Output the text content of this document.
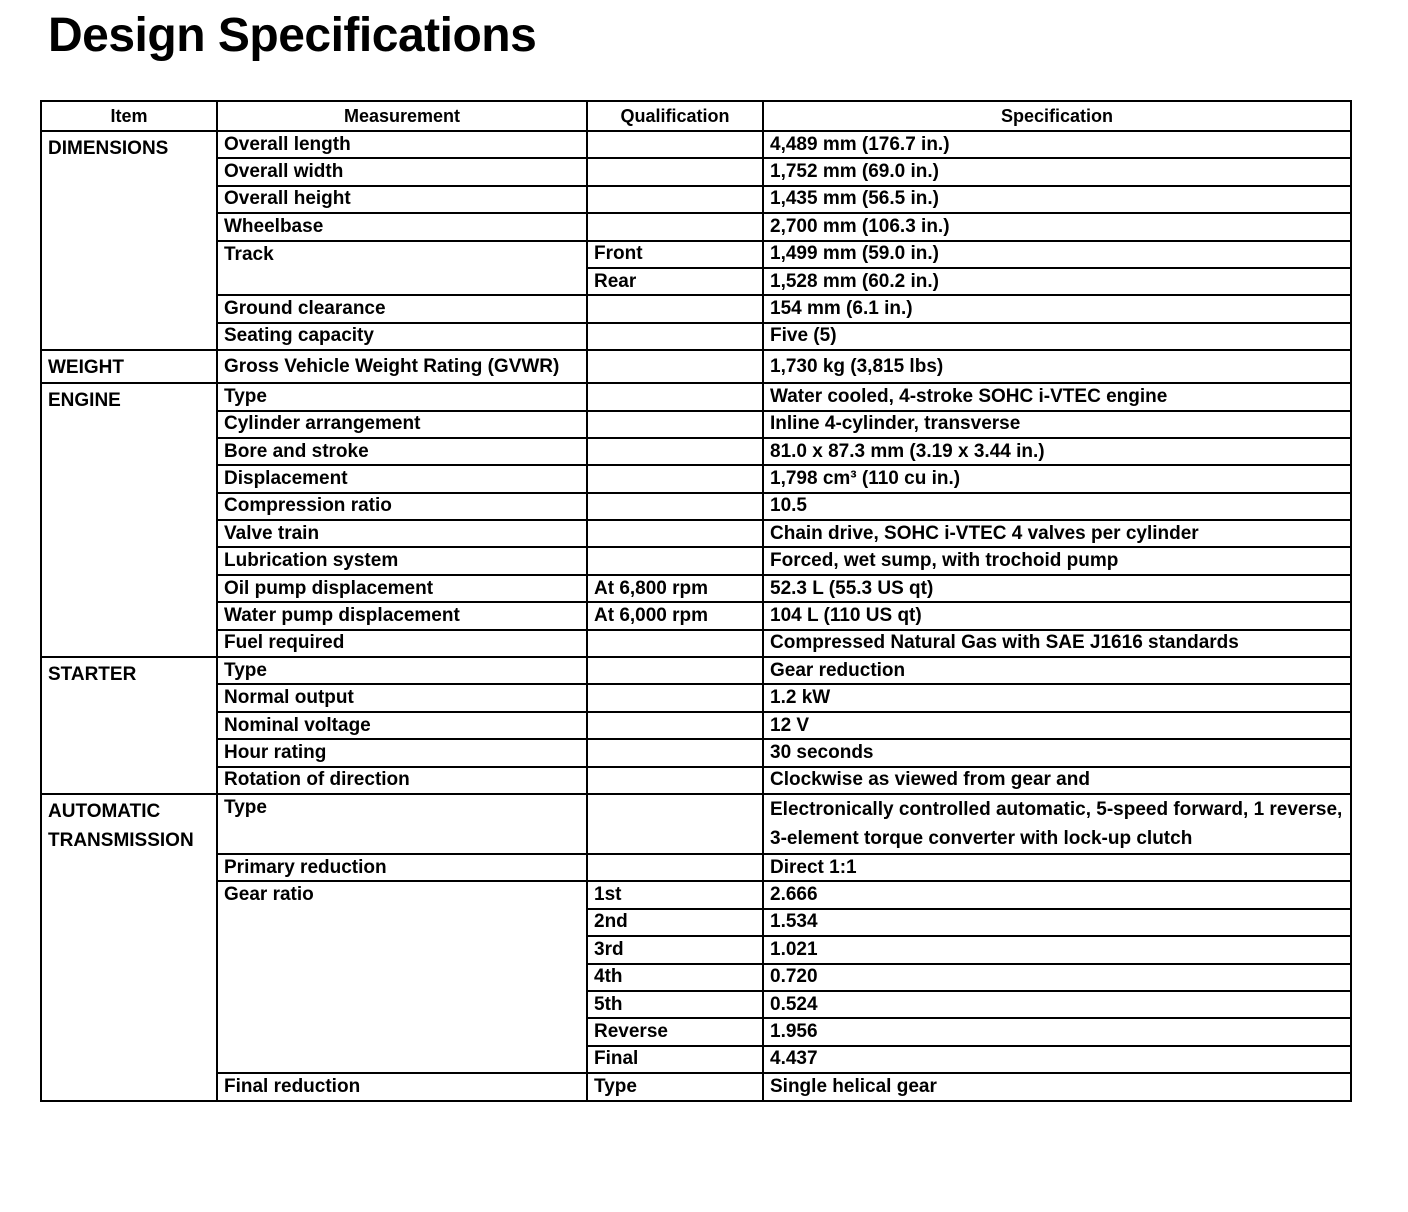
Design Specifications
Item	Measurement	Qualification	Specification
DIMENSIONS	Overall length		4,489 mm (176.7 in.)
	Overall width		1,752 mm (69.0 in.)
	Overall height		1,435 mm (56.5 in.)
	Wheelbase		2,700 mm (106.3 in.)
	Track	Front	1,499 mm (59.0 in.)
		Rear	1,528 mm (60.2 in.)
	Ground clearance		154 mm (6.1 in.)
	Seating capacity		Five (5)
WEIGHT	Gross Vehicle Weight Rating (GVWR)		1,730 kg (3,815 lbs)
ENGINE	Type		Water cooled, 4-stroke SOHC i-VTEC engine
	Cylinder arrangement		Inline 4-cylinder, transverse
	Bore and stroke		81.0 x 87.3 mm (3.19 x 3.44 in.)
	Displacement		1,798 cm³ (110 cu in.)
	Compression ratio		10.5
	Valve train		Chain drive, SOHC i-VTEC 4 valves per cylinder
	Lubrication system		Forced, wet sump, with trochoid pump
	Oil pump displacement	At 6,800 rpm	52.3 L (55.3 US qt)
	Water pump displacement	At 6,000 rpm	104 L (110 US qt)
	Fuel required		Compressed Natural Gas with SAE J1616 standards
STARTER	Type		Gear reduction
	Normal output		1.2 kW
	Nominal voltage		12 V
	Hour rating		30 seconds
	Rotation of direction		Clockwise as viewed from gear and
AUTOMATIC TRANSMISSION	Type		Electronically controlled automatic, 5-speed forward, 1 reverse, 3-element torque converter with lock-up clutch
	Primary reduction		Direct 1:1
	Gear ratio	1st	2.666
		2nd	1.534
		3rd	1.021
		4th	0.720
		5th	0.524
		Reverse	1.956
		Final	4.437
	Final reduction	Type	Single helical gear
